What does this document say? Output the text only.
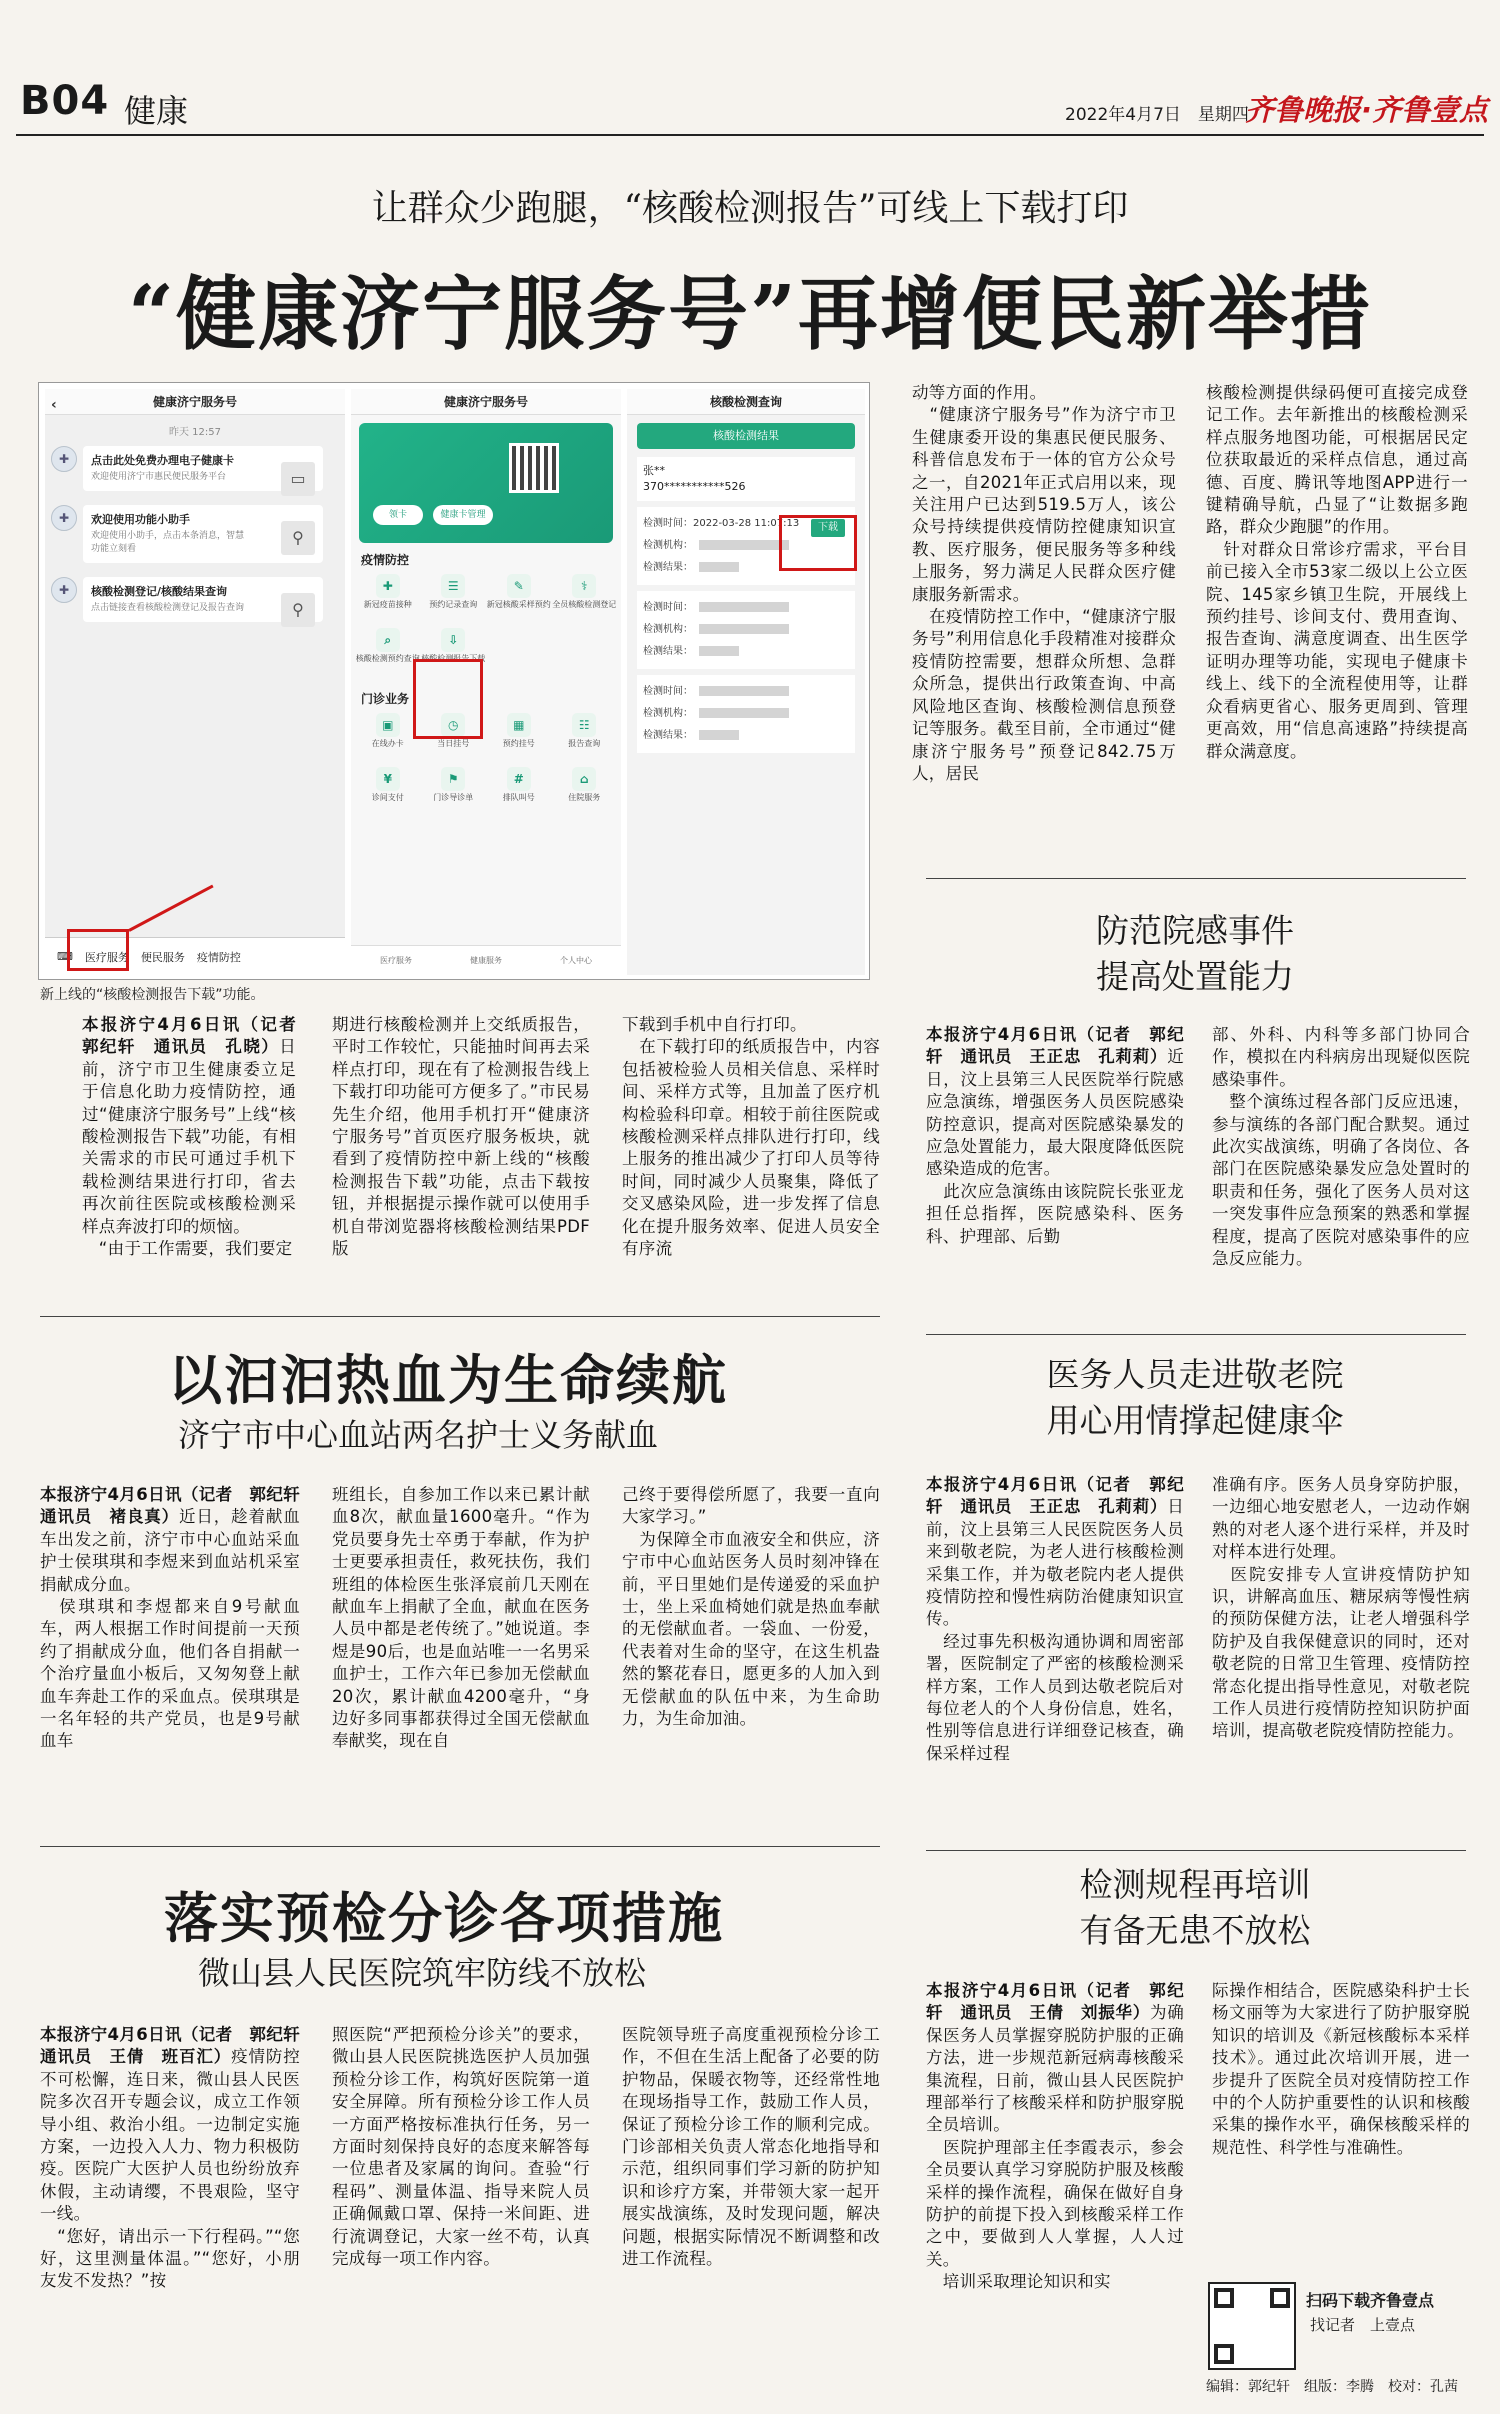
B04 健康	2022年4月7日　星期四
齐鲁晚报·齐鲁壹点
让群众少跑腿，“核酸检测报告”可线上下载打印
“健康济宁服务号”再增便民新举措
‹	健康济宁服务号
昨天 12:57
✚	点击此处免费办理电子健康卡
欢迎使用济宁市惠民便民服务平台	▭
✚	欢迎使用功能小助手
欢迎使用小助手，点击本条消息，智慧功能立刻看
⚲
✚	核酸检测登记/核酸结果查询
点击链接查看核酸检测登记及报告查询	⚲
⌨ 医疗服务 便民服务 疫情防控
健康济宁服务号
领卡	健康卡管理
疫情防控
✚
新冠疫苗接种
☰
预约记录查询
✎
新冠核酸采样预约
⚕
全员核酸检测登记
⌕
核酸检测预约查询
⇩
核酸检测报告下载
门诊业务
▣
在线办卡
◷
当日挂号
▦
预约挂号
☷
报告查询
¥
诊间支付
⚑
门诊导诊单
#
排队叫号
⌂
住院服务
医疗服务	健康服务	个人中心
核酸检测查询
核酸检测结果
张**
370***********526
检测时间：2022-03-28 11:07:13
检测机构：
检测结果：
下载
检测时间：
检测机构：
检测结果：
检测时间：
检测机构：
检测结果：
新上线的“核酸检测报告下载”功能。
本报济宁4月6日讯（记者　郭纪轩　通讯员　孔晓）日前，济宁市卫生健康委立足于信息化助力疫情防控，通过“健康济宁服务号”上线“核酸检测报告下载”功能，有相关需求的市民可通过手机下载检测结果进行打印，省去再次前往医院或核酸检测采样点奔波打印的烦恼。
　“由于工作需要，我们要定
期进行核酸检测并上交纸质报告，平时工作较忙，只能抽时间再去采样点打印，现在有了检测报告线上下载打印功能可方便多了。”市民易先生介绍，他用手机打开“健康济宁服务号”首页医疗服务板块，就看到了疫情防控中新上线的“核酸检测报告下载”功能，点击下载按钮，并根据提示操作就可以使用手机自带浏览器将核酸检测结果PDF版
下载到手机中自行打印。
　在下载打印的纸质报告中，内容包括被检验人员相关信息、采样时间、采样方式等，且加盖了医疗机构检验科印章。相较于前往医院或核酸检测采样点排队进行打印，线上服务的推出减少了打印人员等待时间，同时减少人员聚集，降低了交叉感染风险，进一步发挥了信息化在提升服务效率、促进人员安全有序流
动等方面的作用。
　“健康济宁服务号”作为济宁市卫生健康委开设的集惠民便民服务、科普信息发布于一体的官方公众号之一，自2021年正式启用以来，现关注用户已达到519.5万人，该公众号持续提供疫情防控健康知识宣教、医疗服务，便民服务等多种线上服务，努力满足人民群众医疗健康服务新需求。
　在疫情防控工作中，“健康济宁服务号”利用信息化手段精准对接群众疫情防控需要，想群众所想、急群众所急，提供出行政策查询、中高风险地区查询、核酸检测信息预登记等服务。截至目前，全市通过“健康济宁服务号”预登记842.75万人，居民
核酸检测提供绿码便可直接完成登记工作。去年新推出的核酸检测采样点服务地图功能，可根据居民定位获取最近的采样点信息，通过高德、百度、腾讯等地图APP进行一键精确导航，凸显了“让数据多跑路，群众少跑腿”的作用。
　针对群众日常诊疗需求，平台目前已接入全市53家二级以上公立医院、145家乡镇卫生院，开展线上预约挂号、诊间支付、费用查询、报告查询、满意度调查、出生医学证明办理等功能，实现电子健康卡线上、线下的全流程使用等，让群众看病更省心、服务更周到、管理更高效，用“信息高速路”持续提高群众满意度。
防范院感事件
提高处置能力
本报济宁4月6日讯（记者　郭纪轩　通讯员　王正忠　孔莉莉）近日，汶上县第三人民医院举行院感应急演练，增强医务人员医院感染防控意识，提高对医院感染暴发的应急处置能力，最大限度降低医院感染造成的危害。
　此次应急演练由该院院长张亚龙担任总指挥，医院感染科、医务科、护理部、后勤
部、外科、内科等多部门协同合作，模拟在内科病房出现疑似医院感染事件。
　整个演练过程各部门反应迅速，参与演练的各部门配合默契。通过此次实战演练，明确了各岗位、各部门在医院感染暴发应急处置时的职责和任务，强化了医务人员对这一突发事件应急预案的熟悉和掌握程度，提高了医院对感染事件的应急反应能力。
以汩汩热血为生命续航
济宁市中心血站两名护士义务献血
本报济宁4月6日讯（记者　郭纪轩　通讯员　褚良真）近日，趁着献血车出发之前，济宁市中心血站采血护士侯琪琪和李煜来到血站机采室捐献成分血。
　侯琪琪和李煜都来自9号献血车，两人根据工作时间提前一天预约了捐献成分血，他们各自捐献一个治疗量血小板后，又匆匆登上献血车奔赴工作的采血点。侯琪琪是一名年轻的共产党员，也是9号献血车
班组长，自参加工作以来已累计献血8次，献血量1600毫升。“作为党员要身先士卒勇于奉献，作为护士更要承担责任，救死扶伤，我们班组的体检医生张泽宸前几天刚在献血车上捐献了全血，献血在医务人员中都是老传统了。”她说道。李煜是90后，也是血站唯一一名男采血护士，工作六年已参加无偿献血20次，累计献血4200毫升，“身边好多同事都获得过全国无偿献血奉献奖，现在自
己终于要得偿所愿了，我要一直向大家学习。”
　为保障全市血液安全和供应，济宁市中心血站医务人员时刻冲锋在前，平日里她们是传递爱的采血护士，坐上采血椅她们就是热血奉献的无偿献血者。一袋血、一份爱，代表着对生命的坚守，在这生机盎然的繁花春日，愿更多的人加入到无偿献血的队伍中来，为生命助力，为生命加油。
医务人员走进敬老院
用心用情撑起健康伞
本报济宁4月6日讯（记者　郭纪轩　通讯员　王正忠　孔莉莉）日前，汶上县第三人民医院医务人员来到敬老院，为老人进行核酸检测采集工作，并为敬老院内老人提供疫情防控和慢性病防治健康知识宣传。
　经过事先积极沟通协调和周密部署，医院制定了严密的核酸检测采样方案，工作人员到达敬老院后对每位老人的个人身份信息，姓名，性别等信息进行详细登记核查，确保采样过程
准确有序。医务人员身穿防护服，一边细心地安慰老人，一边动作娴熟的对老人逐个进行采样，并及时对样本进行处理。
　医院安排专人宣讲疫情防护知识，讲解高血压、糖尿病等慢性病的预防保健方法，让老人增强科学防护及自我保健意识的同时，还对敬老院的日常卫生管理、疫情防控常态化提出指导性意见，对敬老院工作人员进行疫情防控知识防护面培训，提高敬老院疫情防控能力。
落实预检分诊各项措施
微山县人民医院筑牢防线不放松
本报济宁4月6日讯（记者　郭纪轩　通讯员　王倩　班百汇）疫情防控不可松懈，连日来，微山县人民医院多次召开专题会议，成立工作领导小组、救治小组。一边制定实施方案，一边投入人力、物力积极防疫。医院广大医护人员也纷纷放弃休假，主动请缨，不畏艰险，坚守一线。
　“您好，请出示一下行程码。”“您好，这里测量体温。”“您好，小朋友发不发热？”按
照医院“严把预检分诊关”的要求，微山县人民医院挑选医护人员加强预检分诊工作，构筑好医院第一道安全屏障。所有预检分诊工作人员一方面严格按标准执行任务，另一方面时刻保持良好的态度来解答每一位患者及家属的询问。查验“行程码”、测量体温、指导来院人员正确佩戴口罩、保持一米间距、进行流调登记，大家一丝不苟，认真完成每一项工作内容。
医院领导班子高度重视预检分诊工作，不但在生活上配备了必要的防护物品，保暖衣物等，还经常性地在现场指导工作，鼓励工作人员，保证了预检分诊工作的顺利完成。门诊部相关负责人常态化地指导和示范，组织同事们学习新的防护知识和诊疗方案，并带领大家一起开展实战演练，及时发现问题，解决问题，根据实际情况不断调整和改进工作流程。
检测规程再培训
有备无患不放松
本报济宁4月6日讯（记者　郭纪轩　通讯员　王倩　刘振华）为确保医务人员掌握穿脱防护服的正确方法，进一步规范新冠病毒核酸采集流程，日前，微山县人民医院护理部举行了核酸采样和防护服穿脱全员培训。
　医院护理部主任李霞表示，参会全员要认真学习穿脱防护服及核酸采样的操作流程，确保在做好自身防护的前提下投入到核酸采样工作之中，要做到人人掌握，人人过关。
　培训采取理论知识和实
际操作相结合，医院感染科护士长杨文丽等为大家进行了防护服穿脱知识的培训及《新冠核酸标本采样技术》。通过此次培训开展，进一步提升了医院全员对疫情防控工作中的个人防护重要性的认识和核酸采集的操作水平，确保核酸采样的规范性、科学性与准确性。
扫码下载齐鲁壹点
找记者　上壹点
编辑：郭纪轩　组版：李腾　校对：孔茜
